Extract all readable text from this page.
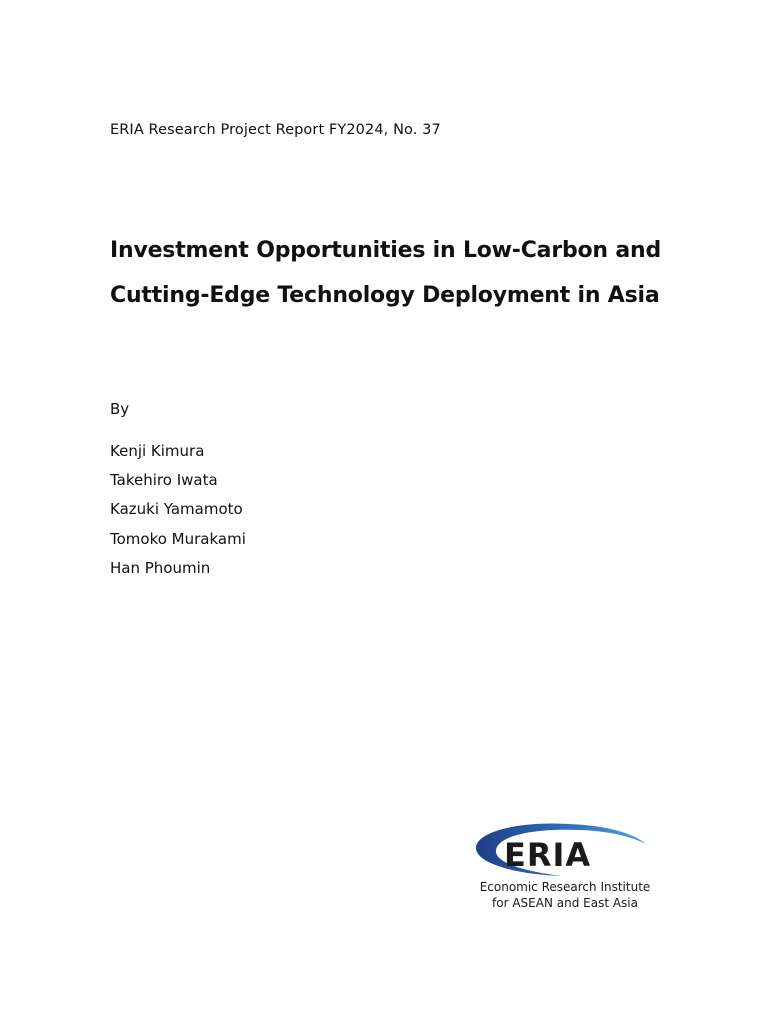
ERIA Research Project Report FY2024, No. 37
Investment Opportunities in Low-Carbon and
Cutting-Edge Technology Deployment in Asia
By
Kenji Kimura
Takehiro Iwata
Kazuki Yamamoto
Tomoko Murakami
Han Phoumin
ERIA
Economic Research Institute
for ASEAN and East Asia
